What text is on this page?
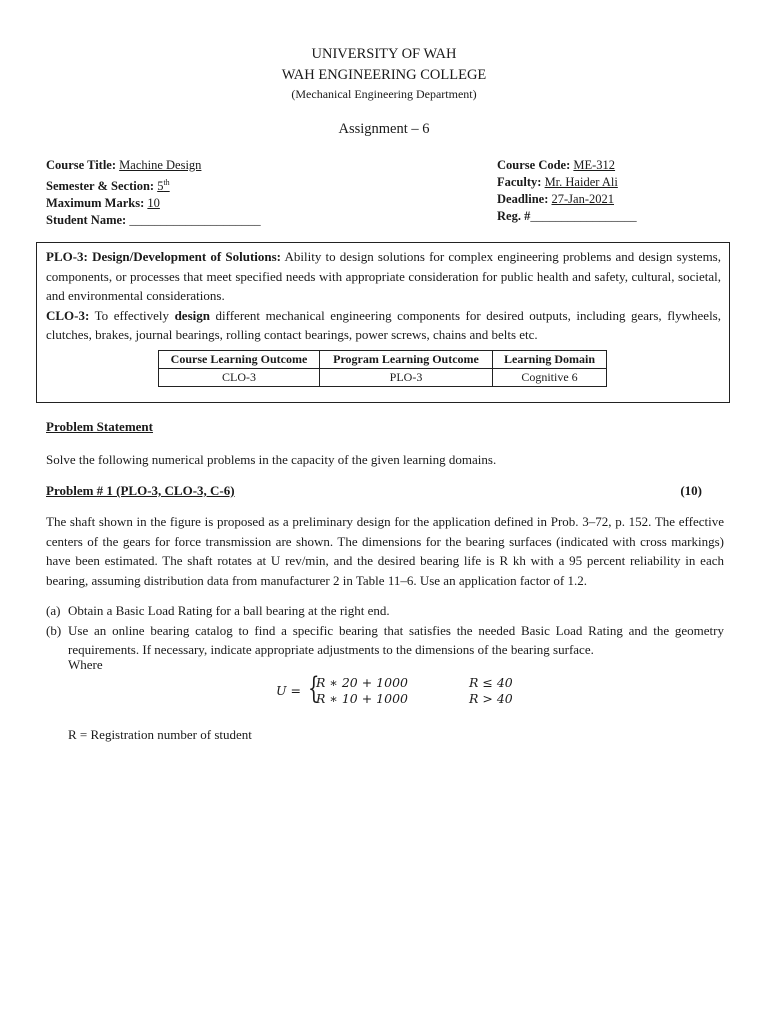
UNIVERSITY OF WAH
WAH ENGINEERING COLLEGE
(Mechanical Engineering Department)
Assignment – 6
Course Title: Machine Design
Semester & Section: 5th
Maximum Marks: 10
Student Name: _____________________
Course Code: ME-312
Faculty: Mr. Haider Ali
Deadline: 27-Jan-2021
Reg. #_________________

PLO-3: Design/Development of Solutions: Ability to design solutions for complex engineering problems and design systems, components, or processes that meet specified needs with appropriate consideration for public health and safety, cultural, societal, and environmental considerations.

CLO-3: To effectively design different mechanical engineering components for desired outputs, including gears, flywheels, clutches, brakes, journal bearings, rolling contact bearings, power screws, chains and belts etc.

Course Learning Outcome	Program Learning Outcome	Learning Domain
CLO-3	PLO-3	Cognitive 6
Problem Statement
Solve the following numerical problems in the capacity of the given learning domains.
Problem # 1 (PLO-3, CLO-3, C-6)	(10)
The shaft shown in the figure is proposed as a preliminary design for the application defined in Prob. 3–72, p. 152. The effective centers of the gears for force transmission are shown. The dimensions for the bearing surfaces (indicated with cross markings) have been estimated. The shaft rotates at U rev/min, and the desired bearing life is R kh with a 95 percent reliability in each bearing, assuming distribution data from manufacturer 2 in Table 11–6. Use an application factor of 1.2.
(a) Obtain a Basic Load Rating for a ball bearing at the right end.
(b) Use an online bearing catalog to find a specific bearing that satisfies the needed Basic Load Rating and the geometry requirements. If necessary, indicate appropriate adjustments to the dimensions of the bearing surface.
Where
U = {
R ∗ 20 + 1000	R ≤ 40
R ∗ 10 + 1000	R > 40
R = Registration number of student
